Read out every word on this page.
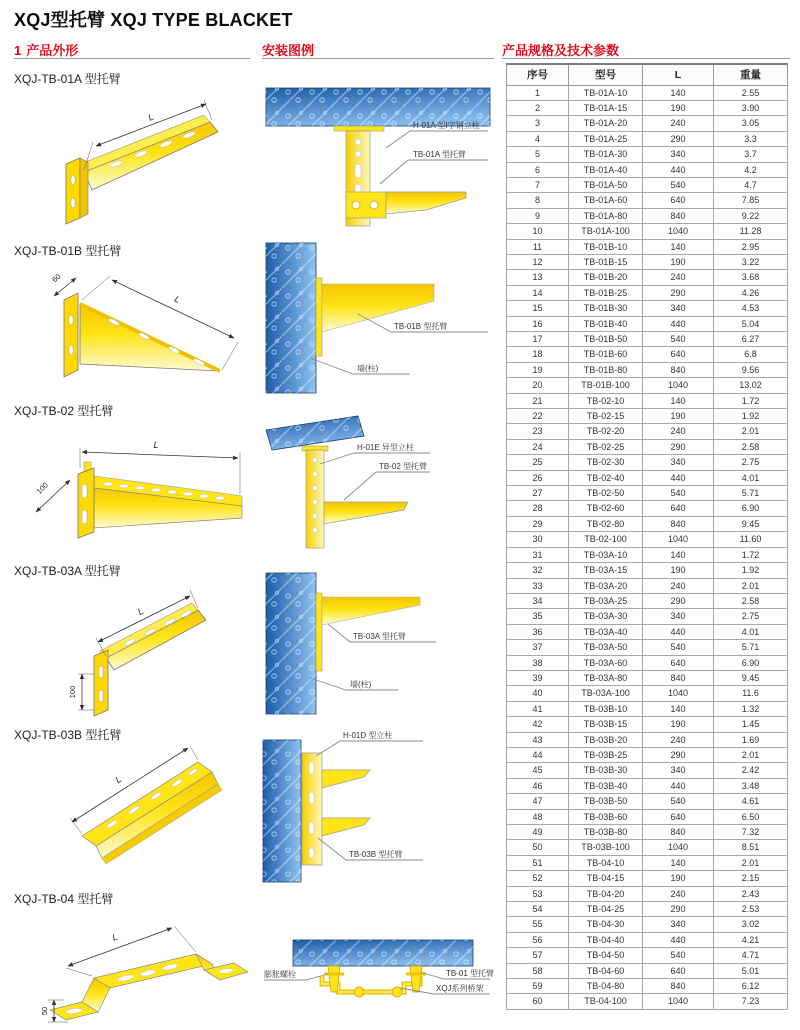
XQJ型托臂 XQJ TYPE BLACKET
1 产品外形	安装图例	产品规格及技术参数
XQJ-TB-01A 型托臂
L
XQJ-TB-01B 型托臂
L
60
XQJ-TB-02 型托臂
L
100
XQJ-TB-03A 型托臂
L
100
XQJ-TB-03B 型托臂
L
XQJ-TB-04 型托臂
L
50
H-01A 型I字钢立柱
TB-01A 型托臂
TB-01B 型托臂
墙(柱)
H-01E 异型立柱
TB-02 型托臂
TB-03A 型托臂
墙(柱)
H-01D 型立柱
TB-03B 型托臂
膨胀螺栓	TB-01 型托臂
XQJ系列桥架
序号	型号	L	重量
1	TB-01A-10	140	2.55
2	TB-01A-15	190	3.90
3	TB-01A-20	240	3.05
4	TB-01A-25	290	3.3
5	TB-01A-30	340	3.7
6	TB-01A-40	440	4.2
7	TB-01A-50	540	4.7
8	TB-01A-60	640	7.85
9	TB-01A-80	840	9.22
10	TB-01A-100	1040	11.28
11	TB-01B-10	140	2.95
12	TB-01B-15	190	3.22
13	TB-01B-20	240	3.68
14	TB-01B-25	290	4.26
15	TB-01B-30	340	4.53
16	TB-01B-40	440	5.04
17	TB-01B-50	540	6.27
18	TB-01B-60	640	6.8
19	TB-01B-80	840	9.56
20	TB-01B-100	1040	13.02
21	TB-02-10	140	1.72
22	TB-02-15	190	1.92
23	TB-02-20	240	2.01
24	TB-02-25	290	2.58
25	TB-02-30	340	2.75
26	TB-02-40	440	4.01
27	TB-02-50	540	5.71
28	TB-02-60	640	6.90
29	TB-02-80	840	9.45
30	TB-02-100	1040	11.60
31	TB-03A-10	140	1.72
32	TB-03A-15	190	1.92
33	TB-03A-20	240	2.01
34	TB-03A-25	290	2.58
35	TB-03A-30	340	2.75
36	TB-03A-40	440	4.01
37	TB-03A-50	540	5.71
38	TB-03A-60	640	6.90
39	TB-03A-80	840	9.45
40	TB-03A-100	1040	11.6
41	TB-03B-10	140	1.32
42	TB-03B-15	190	1.45
43	TB-03B-20	240	1.69
44	TB-03B-25	290	2.01
45	TB-03B-30	340	2.42
46	TB-03B-40	440	3.48
47	TB-03B-50	540	4.61
48	TB-03B-60	640	6.50
49	TB-03B-80	840	7.32
50	TB-03B-100	1040	8.51
51	TB-04-10	140	2.01
52	TB-04-15	190	2.15
53	TB-04-20	240	2.43
54	TB-04-25	290	2.53
55	TB-04-30	340	3.02
56	TB-04-40	440	4.21
57	TB-04-50	540	4.71
58	TB-04-60	640	5.01
59	TB-04-80	840	6.12
60	TB-04-100	1040	7.23
